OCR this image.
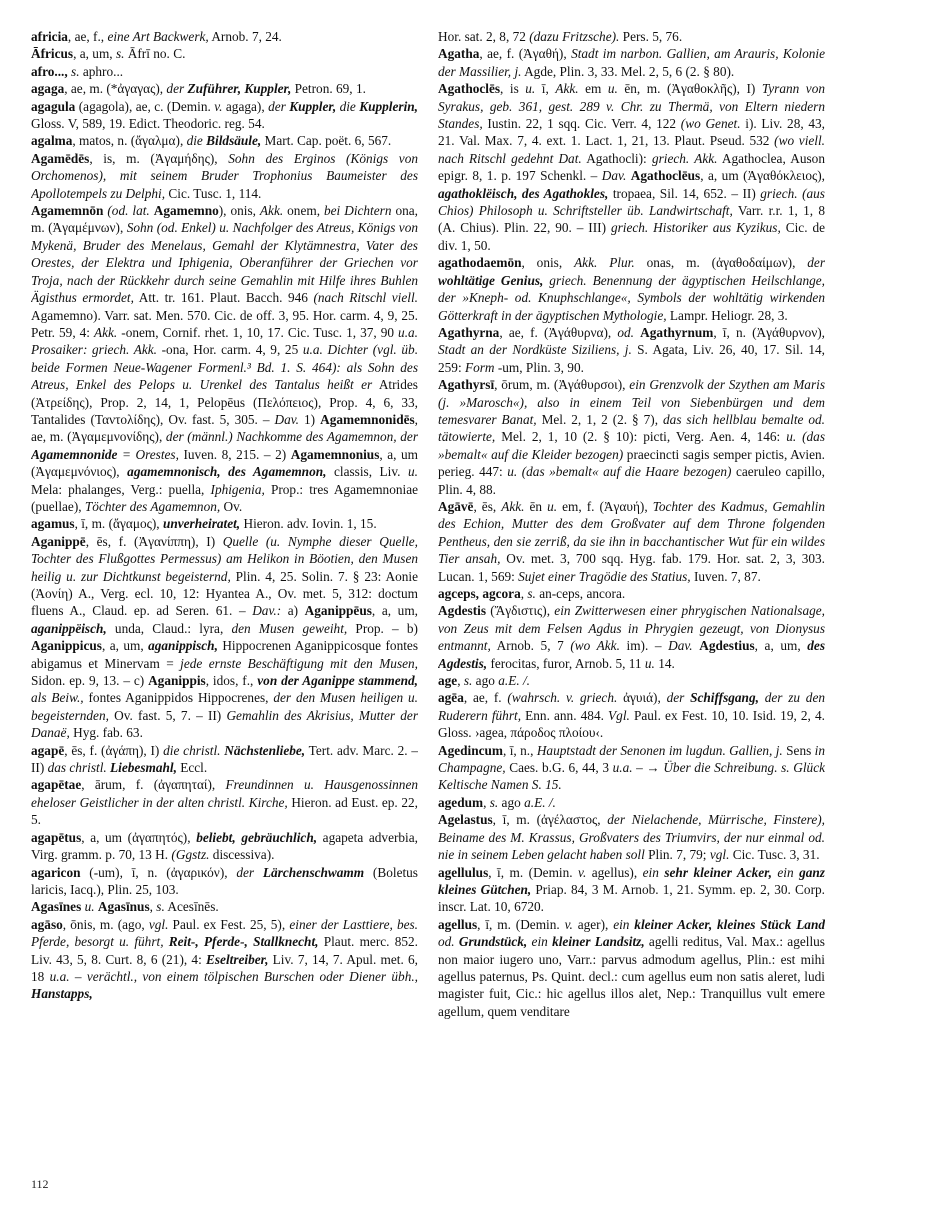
africia, ae, f., eine Art Backwerk, Arnob. 7, 24.

Āfricus, a, um, s. Āfrī no. C.

afro..., s. aphro...

agaga, ae, m. (*ἀγαγας), der Zuführer, Kuppler, Petron. 69, 1.

agagula (agagola), ae, c. (Demin. v. agaga), der Kuppler, die Kupplerin, Gloss. V, 589, 19. Edict. Theodoric. reg. 54.

agalma, matos, n. (ἄγαλμα), die Bildsäule, Mart. Cap. poët. 6, 567.

Agamēdēs, is, m. (Ἀγαμήδης), Sohn des Erginos (Königs von Orchomenos), mit seinem Bruder Trophonius Baumeister des Apollotempels zu Delphi, Cic. Tusc. 1, 114.

Agamemnōn (od. lat. Agamemno), onis, Akk. onem, bei Dichtern ona, m. (Ἀγαμέμνων), Sohn (od. Enkel) u. Nachfolger des Atreus, Königs von Mykenä, Bruder des Menelaus, Gemahl der Klytämnestra, Vater des Orestes, der Elektra und Iphigenia, Oberanführer der Griechen vor Troja, nach der Rückkehr durch seine Gemahlin mit Hilfe ihres Buhlen Ägisthus ermordet, Att. tr. 161. Plaut. Bacch. 946 (nach Ritschl viell. Agamemno). Varr. sat. Men. 570. Cic. de off. 3, 95. Hor. carm. 4, 9, 25. Petr. 59, 4: Akk. -onem, Cornif. rhet. 1, 10, 17. Cic. Tusc. 1, 37, 90 u.a. Prosaiker: griech. Akk. -ona, Hor. carm. 4, 9, 25 u.a. Dichter (vgl. üb. beide Formen Neue-Wagener Formenl.³ Bd. 1. S. 464): als Sohn des Atreus, Enkel des Pelops u. Urenkel des Tantalus heißt er Atrides (Ἀτρείδης), Prop. 2, 14, 1, Pelopēus (Πελόπειος), Prop. 4, 6, 33, Tantalides (Ταντολίδης), Ov. fast. 5, 305. – Dav. 1) Agamemnonidēs, ae, m. (Ἀγαμεμνονίδης), der (männl.) Nachkomme des Agamemnon, der Agamemnonide = Orestes, Iuven. 8, 215. – 2) Agamemnonius, a, um (Ἀγαμεμνόνιος), agamemnonisch, des Agamemnon, classis, Liv. u. Mela: phalanges, Verg.: puella, Iphigenia, Prop.: tres Agamemnoniae (puellae), Töchter des Agamemnon, Ov.

agamus, ī, m. (ἄγαμος), unverheiratet, Hieron. adv. Iovin. 1, 15.

Aganippē, ēs, f. (Ἀγανίππη), I) Quelle (u. Nymphe dieser Quelle, Tochter des Flußgottes Permessus) am Helikon in Böotien, den Musen heilig u. zur Dichtkunst begeisternd, Plin. 4, 25. Solin. 7. § 23: Aonie (Ἀονίη) A., Verg. ecl. 10, 12: Hyantea A., Ov. met. 5, 312: doctum fluens A., Claud. ep. ad Seren. 61. – Dav.: a) Aganippēus, a, um, aganippëisch, unda, Claud.: lyra, den Musen geweiht, Prop. – b) Aganippicus, a, um, aganippisch, Hippocrenen Aganippicosque fontes abigamus et Minervam = jede ernste Beschäftigung mit den Musen, Sidon. ep. 9, 13. – c) Aganippis, idos, f., von der Aganippe stammend, als Beiw., fontes Aganippidos Hippocrenes, der den Musen heiligen u. begeisternden, Ov. fast. 5, 7. – II) Gemahlin des Akrisius, Mutter der Danaë, Hyg. fab. 63.

agapē, ēs, f. (ἀγάπη), I) die christl. Nächstenliebe, Tert. adv. Marc. 2. – II) das christl. Liebesmahl, Eccl.

agapētae, ārum, f. (ἀγαπηταί), Freundinnen u. Hausgenossinnen eheloser Geistlicher in der alten christl. Kirche, Hieron. ad Eust. ep. 22, 5.

agapētus, a, um (ἀγαπητός), beliebt, gebräuchlich, agapeta adverbia, Virg. gramm. p. 70, 13 H. (Ggstz. discessiva).

agaricon (-um), ī, n. (ἀγαρικόν), der Lärchenschwamm (Boletus laricis, Iacq.), Plin. 25, 103.

Agasīnes u. Agasīnus, s. Acesīnēs.

agāso, ōnis, m. (ago, vgl. Paul. ex Fest. 25, 5), einer der Lasttiere, bes. Pferde, besorgt u. führt, Reit-, Pferde-, Stallknecht, Plaut. merc. 852. Liv. 43, 5, 8. Curt. 8, 6 (21), 4: Eseltreiber, Liv. 7, 14, 7. Apul. met. 6, 18 u.a. – verächtl., von einem tölpischen Burschen oder Diener übh., Hanstapps,

Hor. sat. 2, 8, 72 (dazu Fritzsche). Pers. 5, 76.

Agatha, ae, f. (Ἀγαθή), Stadt im narbon. Gallien, am Arauris, Kolonie der Massilier, j. Agde, Plin. 3, 33. Mel. 2, 5, 6 (2. § 80).

Agathoclēs, is u. ī, Akk. em u. ēn, m. (Ἀγαθοκλῆς), I) Tyrann von Syrakus, geb. 361, gest. 289 v. Chr. zu Thermä, von Eltern niedern Standes, Iustin. 22, 1 sqq. Cic. Verr. 4, 122 (wo Genet. i). Liv. 28, 43, 21. Val. Max. 7, 4. ext. 1. Lact. 1, 21, 13. Plaut. Pseud. 532 (wo viell. nach Ritschl gedehnt Dat. Agathocli): griech. Akk. Agathoclea, Auson epigr. 8, 1. p. 197 Schenkl. – Dav. Agathoclēus, a, um (Ἀγαθόκλειος), agathoklëisch, des Agathokles, tropaea, Sil. 14, 652. – II) griech. (aus Chios) Philosoph u. Schriftsteller üb. Landwirtschaft, Varr. r.r. 1, 1, 8 (A. Chius). Plin. 22, 90. – III) griech. Historiker aus Kyzikus, Cic. de div. 1, 50.

agathodaemōn, onis, Akk. Plur. onas, m. (ἀγαθοδαίμων), der wohltätige Genius, griech. Benennung der ägyptischen Heilschlange, der »Kneph- od. Knuphschlange«, Symbols der wohltätig wirkenden Götterkraft in der ägyptischen Mythologie, Lampr. Heliogr. 28, 3.

Agathyrna, ae, f. (Ἀγάθυρνα), od. Agathyrnum, ī, n. (Ἀγάθυρνον), Stadt an der Nordküste Siziliens, j. S. Agata, Liv. 26, 40, 17. Sil. 14, 259: Form -um, Plin. 3, 90.

Agathyrsī, ōrum, m. (Ἀγάθυρσοι), ein Grenzvolk der Szythen am Maris (j. »Marosch«), also in einem Teil von Siebenbürgen und dem temesvarer Banat, Mel. 2, 1, 2 (2. § 7), das sich hellblau bemalte od. tätowierte, Mel. 2, 1, 10 (2. § 10): picti, Verg. Aen. 4, 146: u. (das »bemalt« auf die Kleider bezogen) praecincti sagis semper pictis, Avien. perieg. 447: u. (das »bemalt« auf die Haare bezogen) caeruleo capillo, Plin. 4, 88.

Agāvē, ēs, Akk. ēn u. em, f. (Ἀγαυή), Tochter des Kadmus, Gemahlin des Echion, Mutter des dem Großvater auf dem Throne folgenden Pentheus, den sie zerriß, da sie ihn in bacchantischer Wut für ein wildes Tier ansah, Ov. met. 3, 700 sqq. Hyg. fab. 179. Hor. sat. 2, 3, 303. Lucan. 1, 569: Sujet einer Tragödie des Statius, Iuven. 7, 87.

agceps, agcora, s. an-ceps, ancora.

Agdestis (Ἄγδιστις), ein Zwitterwesen einer phrygischen Nationalsage, von Zeus mit dem Felsen Agdus in Phrygien gezeugt, von Dionysus entmannt, Arnob. 5, 7 (wo Akk. im). – Dav. Agdestius, a, um, des Agdestis, ferocitas, furor, Arnob. 5, 11 u. 14.

age, s. ago a.E. /.

agēa, ae, f. (wahrsch. v. griech. ἀγυιά), der Schiffsgang, der zu den Ruderern führt, Enn. ann. 484. Vgl. Paul. ex Fest. 10, 10. Isid. 19, 2, 4. Gloss. ›agea, πάροδος πλοίου‹.

Agedincum, ī, n., Hauptstadt der Senonen im lugdun. Gallien, j. Sens in Champagne, Caes. b.G. 6, 44, 3 u.a. – → Über die Schreibung. s. Glück Keltische Namen S. 15.

agedum, s. ago a.E. /.

Agelastus, ī, m. (ἀγέλαστος, der Nielachende, Mürrische, Finstere), Beiname des M. Krassus, Großvaters des Triumvirs, der nur einmal od. nie in seinem Leben gelacht haben soll Plin. 7, 79; vgl. Cic. Tusc. 3, 31.

agellulus, ī, m. (Demin. v. agellus), ein sehr kleiner Acker, ein ganz kleines Gütchen, Priap. 84, 3 M. Arnob. 1, 21. Symm. ep. 2, 30. Corp. inscr. Lat. 10, 6720.

agellus, ī, m. (Demin. v. ager), ein kleiner Acker, kleines Stück Land od. Grundstück, ein kleiner Landsitz, agelli reditus, Val. Max.: agellus non maior iugero uno, Varr.: parvus admodum agellus, Plin.: est mihi agellus paternus, Ps. Quint. decl.: cum agellus eum non satis aleret, ludi magister fuit, Cic.: hic agellus illos alet, Nep.: Tranquillus vult emere agellum, quem venditare

112
